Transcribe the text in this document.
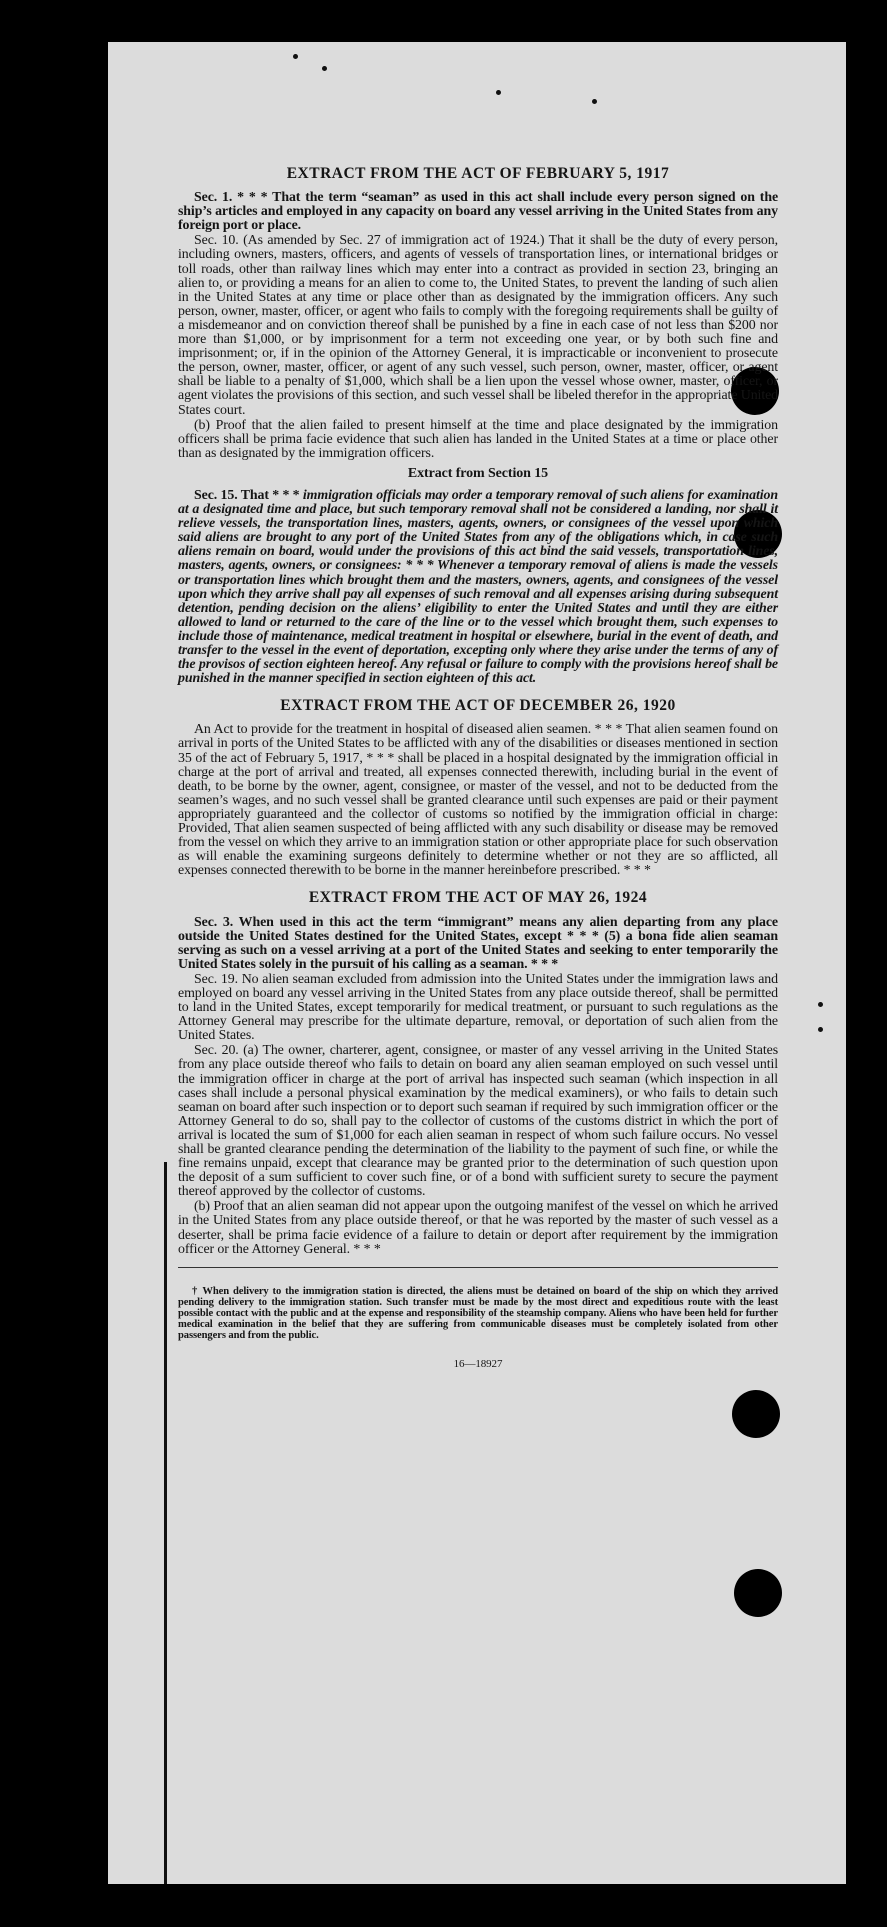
EXTRACT FROM THE ACT OF FEBRUARY 5, 1917

Sec. 1. * * * That the term “seaman” as used in this act shall include every person signed on the ship’s articles and employed in any capacity on board any vessel arriving in the United States from any foreign port or place.

Sec. 10. (As amended by Sec. 27 of immigration act of 1924.) That it shall be the duty of every person, including owners, masters, officers, and agents of vessels of transportation lines, or international bridges or toll roads, other than railway lines which may enter into a contract as provided in section 23, bringing an alien to, or providing a means for an alien to come to, the United States, to prevent the landing of such alien in the United States at any time or place other than as designated by the immigration officers. Any such person, owner, master, officer, or agent who fails to comply with the foregoing requirements shall be guilty of a misdemeanor and on conviction thereof shall be punished by a fine in each case of not less than $200 nor more than $1,000, or by imprisonment for a term not exceeding one year, or by both such fine and imprisonment; or, if in the opinion of the Attorney General, it is impracticable or inconvenient to prosecute the person, owner, master, officer, or agent of any such vessel, such person, owner, master, officer, or agent shall be liable to a penalty of $1,000, which shall be a lien upon the vessel whose owner, master, officer, or agent violates the provisions of this section, and such vessel shall be libeled therefor in the appropriate United States court.

(b) Proof that the alien failed to present himself at the time and place designated by the immigration officers shall be prima facie evidence that such alien has landed in the United States at a time or place other than as designated by the immigration officers.

Extract from Section 15

Sec. 15. That * * * immigration officials may order a temporary removal of such aliens for examination at a designated time and place, but such temporary removal shall not be considered a landing, nor shall it relieve vessels, the transportation lines, masters, agents, owners, or consignees of the vessel upon which said aliens are brought to any port of the United States from any of the obligations which, in case such aliens remain on board, would under the provisions of this act bind the said vessels, transportation lines, masters, agents, owners, or consignees: * * * Whenever a temporary removal of aliens is made the vessels or transportation lines which brought them and the masters, owners, agents, and consignees of the vessel upon which they arrive shall pay all expenses of such removal and all expenses arising during subsequent detention, pending decision on the aliens’ eligibility to enter the United States and until they are either allowed to land or returned to the care of the line or to the vessel which brought them, such expenses to include those of maintenance, medical treatment in hospital or elsewhere, burial in the event of death, and transfer to the vessel in the event of deportation, excepting only where they arise under the terms of any of the provisos of section eighteen hereof. Any refusal or failure to comply with the provisions hereof shall be punished in the manner specified in section eighteen of this act.

EXTRACT FROM THE ACT OF DECEMBER 26, 1920

An Act to provide for the treatment in hospital of diseased alien seamen. * * * That alien seamen found on arrival in ports of the United States to be afflicted with any of the disabilities or diseases mentioned in section 35 of the act of February 5, 1917, * * * shall be placed in a hospital designated by the immigration official in charge at the port of arrival and treated, all expenses connected therewith, including burial in the event of death, to be borne by the owner, agent, consignee, or master of the vessel, and not to be deducted from the seamen’s wages, and no such vessel shall be granted clearance until such expenses are paid or their payment appropriately guaranteed and the collector of customs so notified by the immigration official in charge: Provided, That alien seamen suspected of being afflicted with any such disability or disease may be removed from the vessel on which they arrive to an immigration station or other appropriate place for such observation as will enable the examining surgeons definitely to determine whether or not they are so afflicted, all expenses connected therewith to be borne in the manner hereinbefore prescribed. * * *

EXTRACT FROM THE ACT OF MAY 26, 1924

Sec. 3. When used in this act the term “immigrant” means any alien departing from any place outside the United States destined for the United States, except * * * (5) a bona fide alien seaman serving as such on a vessel arriving at a port of the United States and seeking to enter temporarily the United States solely in the pursuit of his calling as a seaman. * * *

Sec. 19. No alien seaman excluded from admission into the United States under the immigration laws and employed on board any vessel arriving in the United States from any place outside thereof, shall be permitted to land in the United States, except temporarily for medical treatment, or pursuant to such regulations as the Attorney General may prescribe for the ultimate departure, removal, or deportation of such alien from the United States.

Sec. 20. (a) The owner, charterer, agent, consignee, or master of any vessel arriving in the United States from any place outside thereof who fails to detain on board any alien seaman employed on such vessel until the immigration officer in charge at the port of arrival has inspected such seaman (which inspection in all cases shall include a personal physical examination by the medical examiners), or who fails to detain such seaman on board after such inspection or to deport such seaman if required by such immigration officer or the Attorney General to do so, shall pay to the collector of customs of the customs district in which the port of arrival is located the sum of $1,000 for each alien seaman in respect of whom such failure occurs. No vessel shall be granted clearance pending the determination of the liability to the payment of such fine, or while the fine remains unpaid, except that clearance may be granted prior to the determination of such question upon the deposit of a sum sufficient to cover such fine, or of a bond with sufficient surety to secure the payment thereof approved by the collector of customs.

(b) Proof that an alien seaman did not appear upon the outgoing manifest of the vessel on which he arrived in the United States from any place outside thereof, or that he was reported by the master of such vessel as a deserter, shall be prima facie evidence of a failure to detain or deport after requirement by the immigration officer or the Attorney General. * * *

† When delivery to the immigration station is directed, the aliens must be detained on board of the ship on which they arrived pending delivery to the immigration station. Such transfer must be made by the most direct and expeditious route with the least possible contact with the public and at the expense and responsibility of the steamship company. Aliens who have been held for further medical examination in the belief that they are suffering from communicable diseases must be completely isolated from other passengers and from the public.

16—18927
